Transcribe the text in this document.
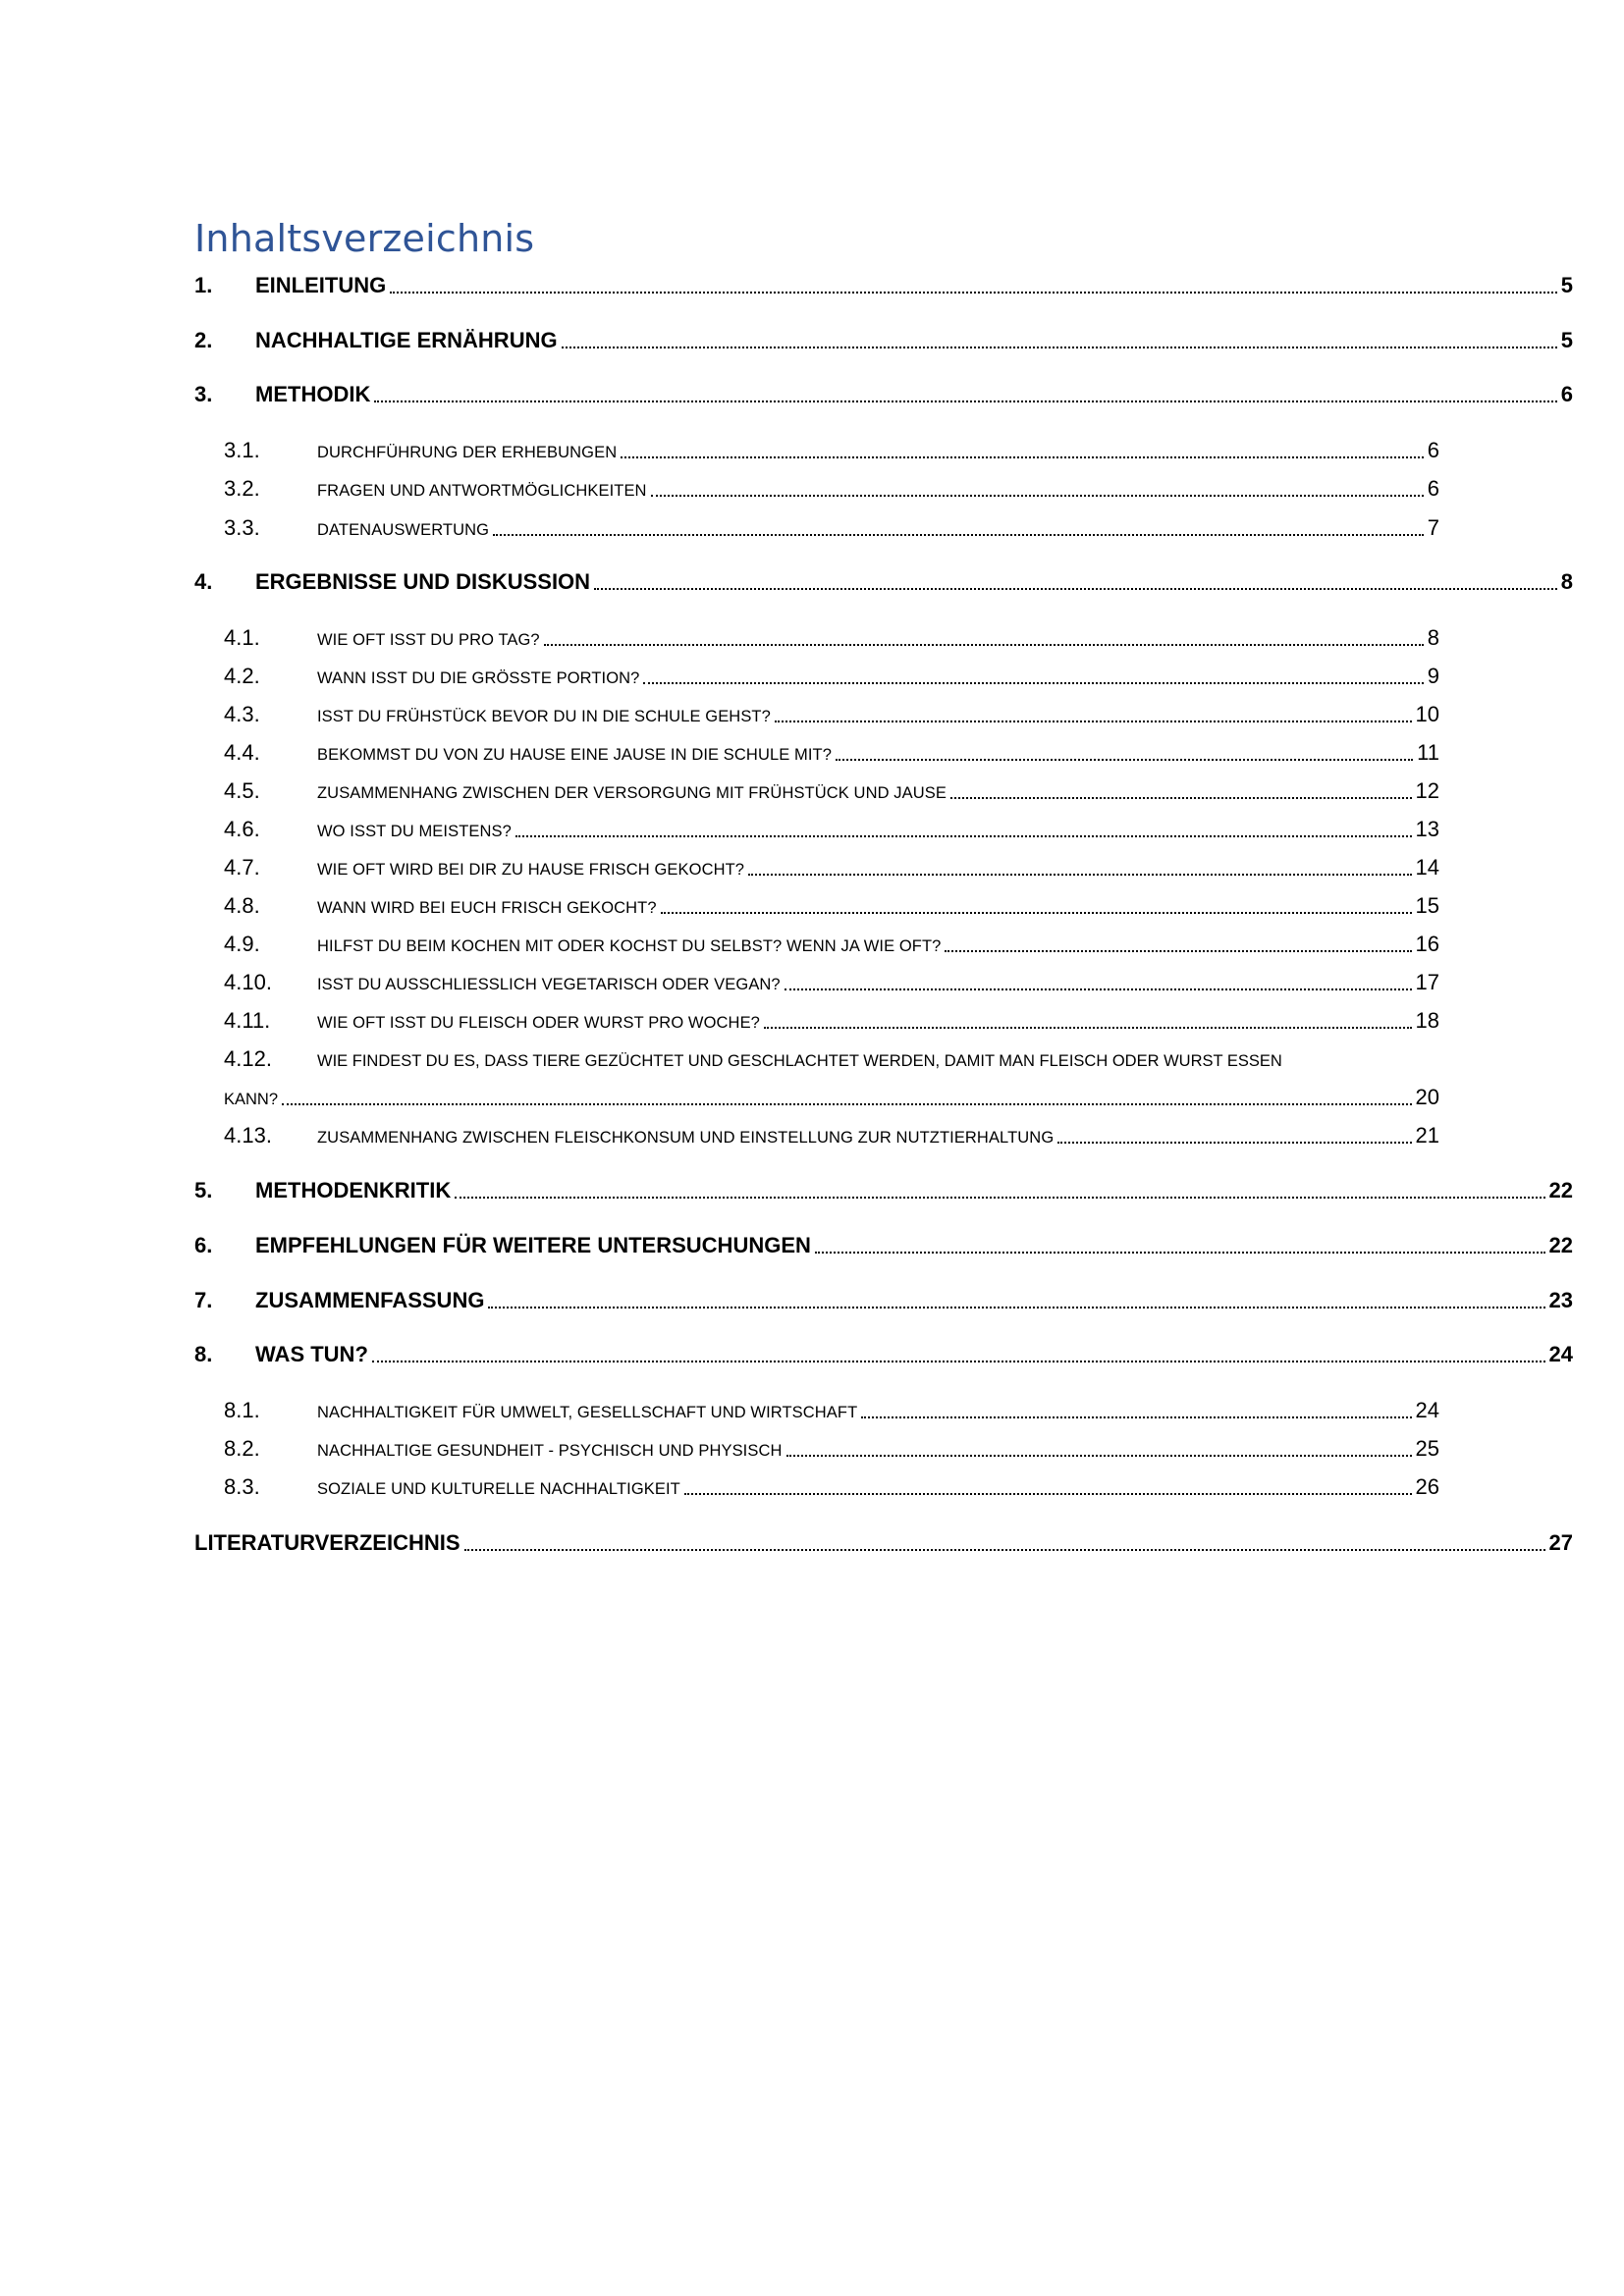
Inhaltsverzeichnis
1.	EINLEITUNG	5
2.	NACHHALTIGE ERNÄHRUNG	5
3.	METHODIK	6
3.1.	DURCHFÜHRUNG DER ERHEBUNGEN	6
3.2.	FRAGEN UND ANTWORTMÖGLICHKEITEN	6
3.3.	DATENAUSWERTUNG	7
4.	ERGEBNISSE UND DISKUSSION	8
4.1.	WIE OFT ISST DU PRO TAG?	8
4.2.	WANN ISST DU DIE GRÖSSTE PORTION?	9
4.3.	ISST DU FRÜHSTÜCK BEVOR DU IN DIE SCHULE GEHST?	10
4.4.	BEKOMMST DU VON ZU HAUSE EINE JAUSE IN DIE SCHULE MIT?	11
4.5.	ZUSAMMENHANG ZWISCHEN DER VERSORGUNG MIT FRÜHSTÜCK UND JAUSE	12
4.6.	WO ISST DU MEISTENS?	13
4.7.	WIE OFT WIRD BEI DIR ZU HAUSE FRISCH GEKOCHT?	14
4.8.	WANN WIRD BEI EUCH FRISCH GEKOCHT?	15
4.9.	HILFST DU BEIM KOCHEN MIT ODER KOCHST DU SELBST? WENN JA WIE OFT?	16
4.10.	ISST DU AUSSCHLIESSLICH VEGETARISCH ODER VEGAN?	17
4.11.	WIE OFT ISST DU FLEISCH ODER WURST PRO WOCHE?	18
4.12.	WIE FINDEST DU ES, DASS TIERE GEZÜCHTET UND GESCHLACHTET WERDEN, DAMIT MAN FLEISCH ODER WURST ESSEN
KANN?	20
4.13.	ZUSAMMENHANG ZWISCHEN FLEISCHKONSUM UND EINSTELLUNG ZUR NUTZTIERHALTUNG	21
5.	METHODENKRITIK	22
6.	EMPFEHLUNGEN FÜR WEITERE UNTERSUCHUNGEN	22
7.	ZUSAMMENFASSUNG	23
8.	WAS TUN?	24
8.1.	NACHHALTIGKEIT FÜR UMWELT, GESELLSCHAFT UND WIRTSCHAFT	24
8.2.	NACHHALTIGE GESUNDHEIT - PSYCHISCH UND PHYSISCH	25
8.3.	SOZIALE UND KULTURELLE NACHHALTIGKEIT	26
LITERATURVERZEICHNIS	27
